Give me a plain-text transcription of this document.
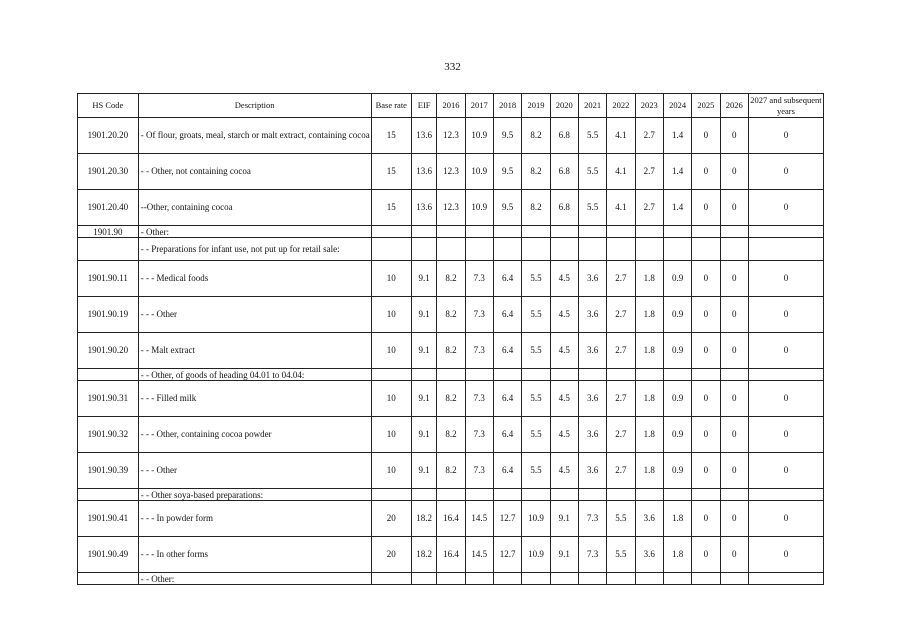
332
HS Code	Description	Base rate	EIF	2016	2017	2018	2019	2020	2021	2022	2023	2024	2025	2026	2027 and subsequent years
1901.20.20	- Of flour, groats, meal, starch or malt extract, containing cocoa	15	13.6	12.3	10.9	9.5	8.2	6.8	5.5	4.1	2.7	1.4	0	0	0
1901.20.30	- - Other, not containing cocoa	15	13.6	12.3	10.9	9.5	8.2	6.8	5.5	4.1	2.7	1.4	0	0	0
1901.20.40	--Other, containing cocoa	15	13.6	12.3	10.9	9.5	8.2	6.8	5.5	4.1	2.7	1.4	0	0	0
1901.90	- Other:														
	- - Preparations for infant use, not put up for retail sale:														
1901.90.11	- - - Medical foods	10	9.1	8.2	7.3	6.4	5.5	4.5	3.6	2.7	1.8	0.9	0	0	0
1901.90.19	- - - Other	10	9.1	8.2	7.3	6.4	5.5	4.5	3.6	2.7	1.8	0.9	0	0	0
1901.90.20	- - Malt extract	10	9.1	8.2	7.3	6.4	5.5	4.5	3.6	2.7	1.8	0.9	0	0	0
	- - Other, of goods of heading 04.01 to 04.04:														
1901.90.31	- - - Filled milk	10	9.1	8.2	7.3	6.4	5.5	4.5	3.6	2.7	1.8	0.9	0	0	0
1901.90.32	- - - Other, containing cocoa powder	10	9.1	8.2	7.3	6.4	5.5	4.5	3.6	2.7	1.8	0.9	0	0	0
1901.90.39	- - - Other	10	9.1	8.2	7.3	6.4	5.5	4.5	3.6	2.7	1.8	0.9	0	0	0
	- - Other soya-based preparations:														
1901.90.41	- - - In powder form	20	18.2	16.4	14.5	12.7	10.9	9.1	7.3	5.5	3.6	1.8	0	0	0
1901.90.49	- - - In other forms	20	18.2	16.4	14.5	12.7	10.9	9.1	7.3	5.5	3.6	1.8	0	0	0
	- - Other:														
